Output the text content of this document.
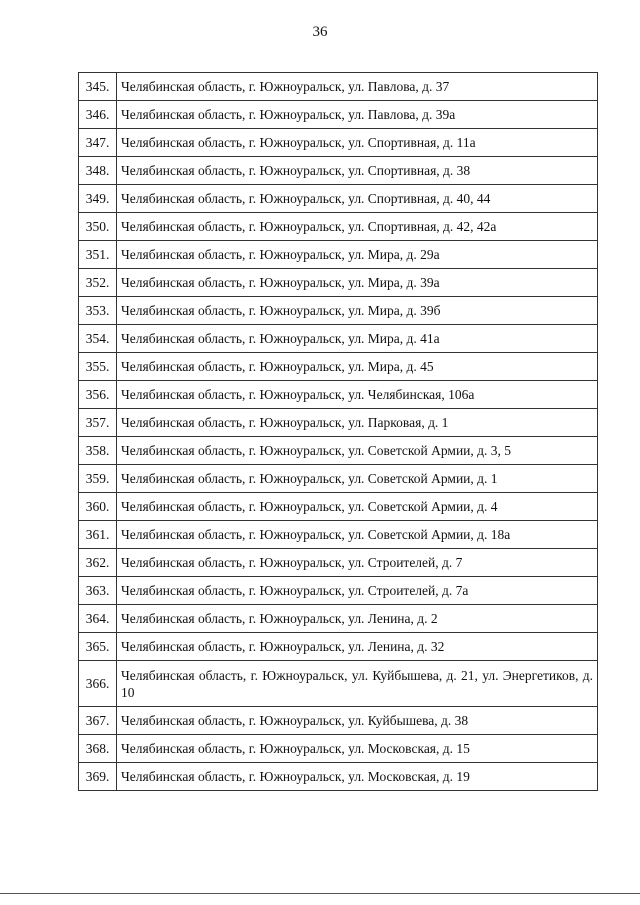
36
345.	Челябинская область, г. Южноуральск, ул. Павлова, д. 37
346.	Челябинская область, г. Южноуральск, ул. Павлова, д. 39а
347.	Челябинская область, г. Южноуральск, ул. Спортивная, д. 11а
348.	Челябинская область, г. Южноуральск, ул. Спортивная, д. 38
349.	Челябинская область, г. Южноуральск, ул. Спортивная, д. 40, 44
350.	Челябинская область, г. Южноуральск, ул. Спортивная, д. 42, 42а
351.	Челябинская область, г. Южноуральск, ул. Мира, д. 29а
352.	Челябинская область, г. Южноуральск, ул. Мира, д. 39а
353.	Челябинская область, г. Южноуральск, ул. Мира, д. 39б
354.	Челябинская область, г. Южноуральск, ул. Мира, д. 41а
355.	Челябинская область, г. Южноуральск, ул. Мира, д. 45
356.	Челябинская область, г. Южноуральск, ул. Челябинская, 106а
357.	Челябинская область, г. Южноуральск, ул. Парковая, д. 1
358.	Челябинская область, г. Южноуральск, ул. Советской Армии, д. 3, 5
359.	Челябинская область, г. Южноуральск, ул. Советской Армии, д. 1
360.	Челябинская область, г. Южноуральск, ул. Советской Армии, д. 4
361.	Челябинская область, г. Южноуральск, ул. Советской Армии, д. 18а
362.	Челябинская область, г. Южноуральск, ул. Строителей, д. 7
363.	Челябинская область, г. Южноуральск, ул. Строителей, д. 7а
364.	Челябинская область, г. Южноуральск, ул. Ленина, д. 2
365.	Челябинская область, г. Южноуральск, ул. Ленина, д. 32
366.	Челябинская область, г. Южноуральск, ул. Куйбышева, д. 21, ул. Энергетиков, д. 10
367.	Челябинская область, г. Южноуральск, ул. Куйбышева, д. 38
368.	Челябинская область, г. Южноуральск, ул. Московская, д. 15
369.	Челябинская область, г. Южноуральск, ул. Московская, д. 19
